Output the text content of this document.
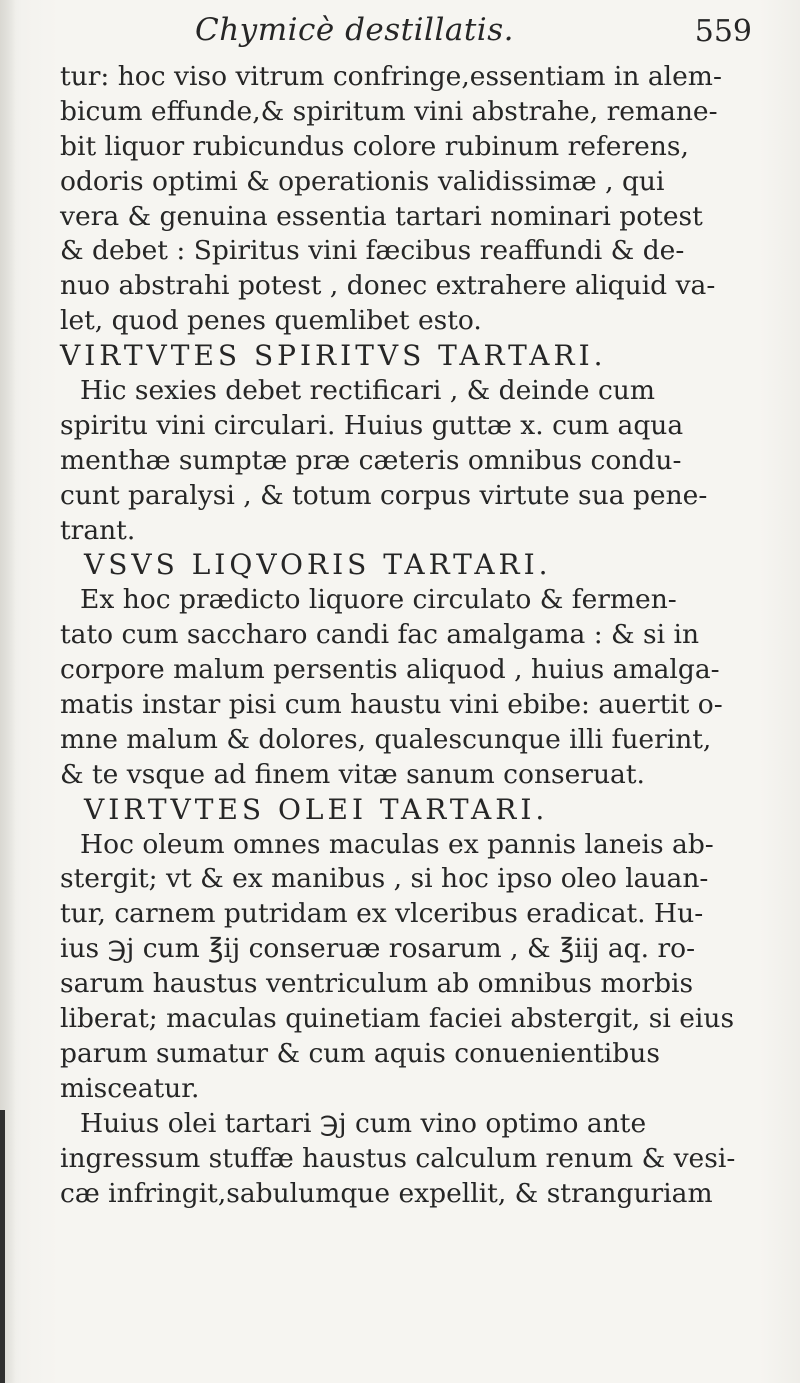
Chymicè destillatis.	559
tur: hoc viso vitrum confringe,essentiam in alem-
bicum effunde,& spiritum vini abstrahe, remane-
bit liquor rubicundus colore rubinum referens,
odoris optimi & operationis validissimæ , qui
vera & genuina essentia tartari nominari potest
& debet : Spiritus vini fæcibus reaffundi & de-
nuo abstrahi potest , donec extrahere aliquid va-
let, quod penes quemlibet esto.
VIRTVTES SPIRITVS TARTARI.
Hic sexies debet rectificari , & deinde cum
spiritu vini circulari. Huius guttæ x. cum aqua
menthæ sumptæ præ cæteris omnibus condu-
cunt paralysi , & totum corpus virtute sua pene-
trant.
VSVS LIQVORIS TARTARI.
Ex hoc prædicto liquore circulato & fermen-
tato cum saccharo candi fac amalgama : & si in
corpore malum persentis aliquod , huius amalga-
matis instar pisi cum haustu vini ebibe: auertit o-
mne malum & dolores, qualescunque illi fuerint,
& te vsque ad finem vitæ sanum conseruat.
VIRTVTES OLEI TARTARI.
Hoc oleum omnes maculas ex pannis laneis ab-
stergit; vt & ex manibus , si hoc ipso oleo lauan-
tur, carnem putridam ex vlceribus eradicat. Hu-
ius ℈j cum ℥ij conseruæ rosarum , & ℥iij aq. ro-
sarum haustus ventriculum ab omnibus morbis
liberat; maculas quinetiam faciei abstergit, si eius
parum sumatur & cum aquis conuenientibus
misceatur.
Huius olei tartari ℈j cum vino optimo ante
ingressum stuffæ haustus calculum renum & vesi-
cæ infringit,sabulumque expellit, & stranguriam
